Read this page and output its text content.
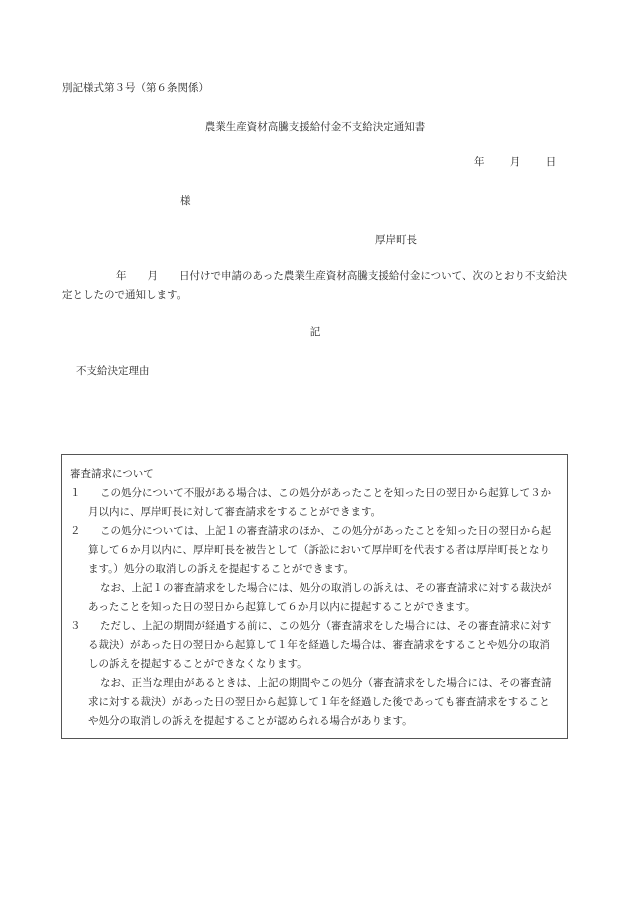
別記様式第３号（第６条関係）
農業生産資材高騰支援給付金不支給決定通知書
年 月 日
様
厚岸町長
年　　月　　日付けで申請のあった農業生産資材高騰支援給付金について、次のとおり不支給決定としたので通知します。
記
不支給決定理由

審査請求について

１ この処分について不服がある場合は、この処分があったことを知った日の翌日から起算して３か月以内に、厚岸町長に対して審査請求をすることができます。

２ この処分については、上記１の審査請求のほか、この処分があったことを知った日の翌日から起算して６か月以内に、厚岸町長を被告として（訴訟において厚岸町を代表する者は厚岸町長となります。）処分の取消しの訴えを提起することができます。

なお、上記１の審査請求をした場合には、処分の取消しの訴えは、その審査請求に対する裁決があったことを知った日の翌日から起算して６か月以内に提起することができます。

３ ただし、上記の期間が経過する前に、この処分（審査請求をした場合には、その審査請求に対する裁決）があった日の翌日から起算して１年を経過した場合は、審査請求をすることや処分の取消しの訴えを提起することができなくなります。

なお、正当な理由があるときは、上記の期間やこの処分（審査請求をした場合には、その審査請求に対する裁決）があった日の翌日から起算して１年を経過した後であっても審査請求をすることや処分の取消しの訴えを提起することが認められる場合があります。
